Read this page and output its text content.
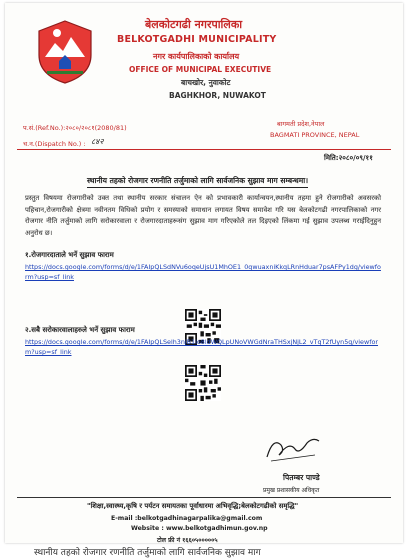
बेलकोटगढी नगरपालिका
BELKOTGADHI MUNICIPALITY
नगर कार्यपालिकाको कार्यालय
OFFICE OF MUNICIPAL EXECUTIVE
बाचखोर, नुवाकोट
BAGHKHOR, NUWAKOT
प.सं.(Ref.No.):२०८०/२०८१(2080/81)
च.न.(Dispatch No.) : ८४२
बागमती प्रदेश,नेपाल
BAGMATI PROVINCE, NEPAL
मिति:२०८०/०९/११
स्थानीय तहको रोजगार रणनीति तर्जुमाको लागि सार्वजनिक सुझाव माग सम्बन्धमा।
प्रस्तुत विषयमा रोजगारीको उक्त तथा स्थानीय सरकार संचालन ऐन को प्रभावकारी कार्यान्वयन,स्थानीय तहमा हुने रोजगारीको अवसरको पहिचान,रोजगारीको क्षेत्रमा नवीनतम विधिको प्रयोग र समस्याको समाधान लगायत विषय समावेश गरि यस बेलकोटगढी नगरपालिकाको नगर रोजगार नीति तर्जुमाको लागि सरोकारवाला र रोजगारदाताहरूसंग सुझाव माग गरिएकोले तल दिइएको लिंकमा गई सुझाव उपलब्ध गराईदिनुहुन अनुरोध छ।
१.रोजगारदाताले भर्ने सुझाव फाराम
https://docs.google.com/forms/d/e/1FAIpQLSdNVu6oqeUjsU1MhOE1_0qwuaxniKkqLRnHduar7psAFPy1dg/viewform?usp=sf_link
२.सबै सरोकारवालाहरुले भर्ने सुझाव फाराम
https://docs.google.com/forms/d/e/1FAIpQLSelh3njB1io8ldWQLpUNoVWGdNraTHSxjNjL2_vTqT2fUyn5g/viewform?usp=sf_link
पितम्बर पाण्डे
प्रमुख प्रशासकीय अधिकृत
"शिक्षा,स्वास्थ्य,कृषि र पर्यटन समायतका पूर्वाधारमा अभिवृद्धि;बेलकोटगढीको समृद्धि"
E-mail :belkotgadhinagarpalika@gmail.com
Website : www.belkotgadhimun.gov.np
टोल फ्री नं १६६०५०००००५
स्थानीय तहको रोजगार रणनीति तर्जुमाको लागि सार्वजनिक सुझाव माग
